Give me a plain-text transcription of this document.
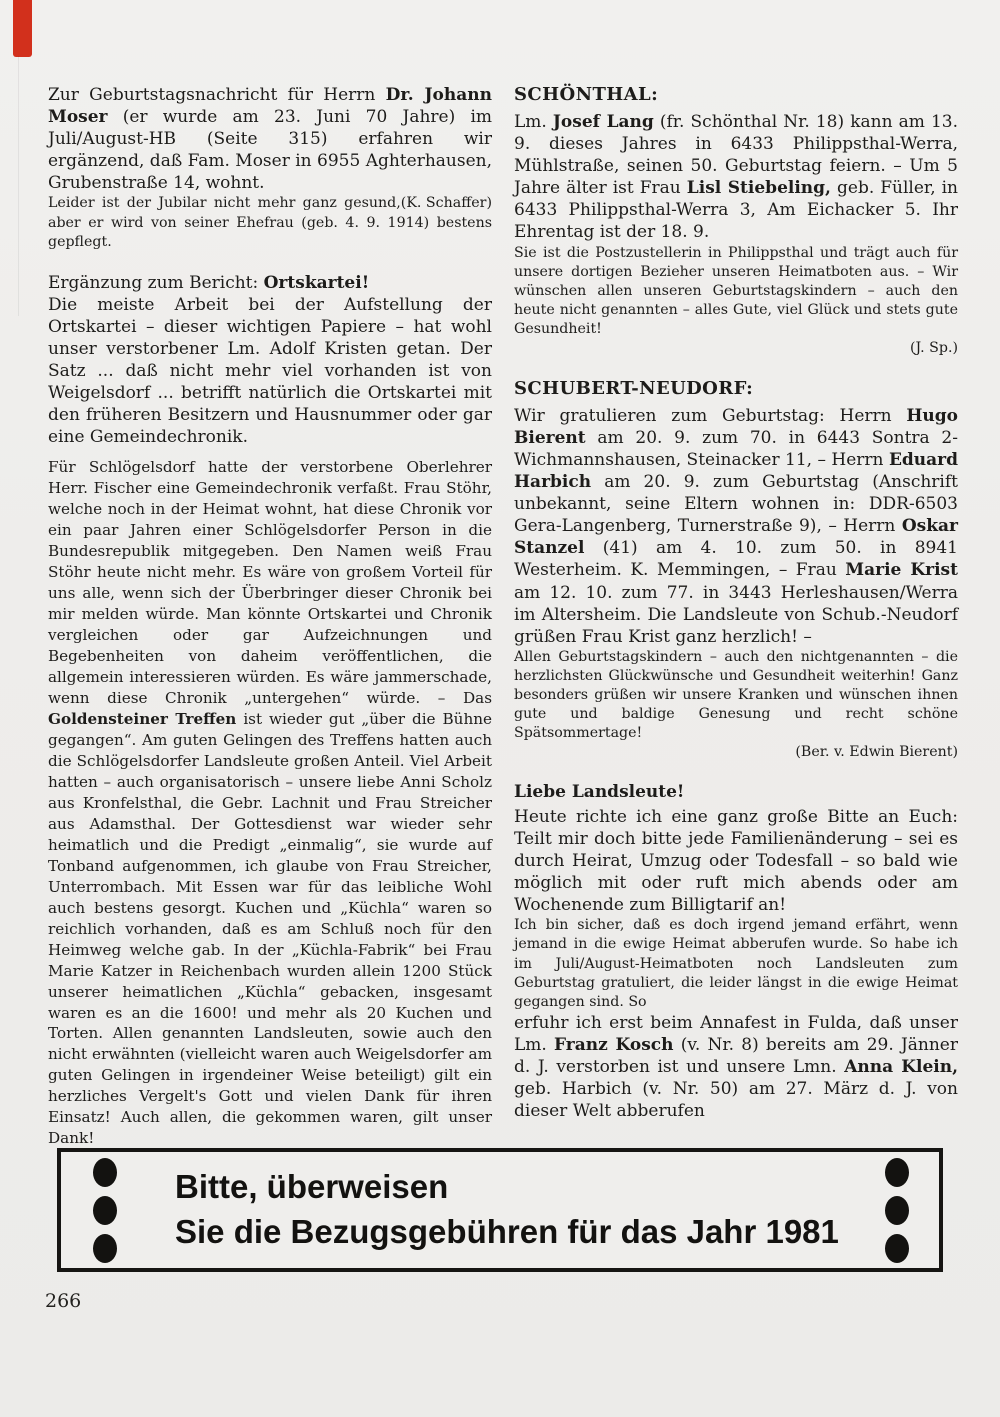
Zur Geburtstagsnachricht für Herrn Dr. Johann Moser (er wurde am 23. Juni 70 Jahre) im Juli/August-HB (Seite 315) erfahren wir ergänzend, daß Fam. Moser in 6955 Aghterhausen, Grubenstraße 14, wohnt.

(K. Schaffer)
Leider ist der Jubilar nicht mehr ganz gesund, aber er wird von seiner Ehefrau (geb. 4. 9. 1914) bestens gepflegt.

Ergänzung zum Bericht: Ortskartei!

Die meiste Arbeit bei der Aufstellung der Ortskartei – dieser wichtigen Papiere – hat wohl unser verstorbener Lm. Adolf Kristen getan. Der Satz ... daß nicht mehr viel vorhanden ist von Weigelsdorf ... betrifft natürlich die Ortskartei mit den früheren Besitzern und Hausnummer oder gar eine Gemeindechronik.

Für Schlögelsdorf hatte der verstorbene Oberlehrer Herr. Fischer eine Gemeindechronik verfaßt. Frau Stöhr, welche noch in der Heimat wohnt, hat diese Chronik vor ein paar Jahren einer Schlögelsdorfer Person in die Bundesrepublik mitgegeben. Den Namen weiß Frau Stöhr heute nicht mehr. Es wäre von großem Vorteil für uns alle, wenn sich der Überbringer dieser Chronik bei mir melden würde. Man könnte Ortskartei und Chronik vergleichen oder gar Aufzeichnungen und Begebenheiten von daheim veröffentlichen, die allgemein interessieren würden. Es wäre jammerschade, wenn diese Chronik „untergehen“ würde. – Das Goldensteiner Treffen ist wieder gut „über die Bühne gegangen“. Am guten Gelingen des Treffens hatten auch die Schlögelsdorfer Landsleute großen Anteil. Viel Arbeit hatten – auch organisatorisch – unsere liebe Anni Scholz aus Kronfelsthal, die Gebr. Lachnit und Frau Streicher aus Adamsthal. Der Gottesdienst war wieder sehr heimatlich und die Predigt „einmalig“, sie wurde auf Tonband aufgenommen, ich glaube von Frau Streicher, Unterrombach. Mit Essen war für das leibliche Wohl auch bestens gesorgt. Kuchen und „Küchla“ waren so reichlich vorhanden, daß es am Schluß noch für den Heimweg welche gab. In der „Küchla-Fabrik“ bei Frau Marie Katzer in Reichenbach wurden allein 1200 Stück unserer heimatlichen „Küchla“ gebacken, insgesamt waren es an die 1600! und mehr als 20 Kuchen und Torten. Allen genannten Landsleuten, sowie auch den nicht erwähnten (vielleicht waren auch Weigelsdorfer am guten Gelingen in irgendeiner Weise beteiligt) gilt ein herzliches Vergelt's Gott und vielen Dank für ihren Einsatz! Auch allen, die gekommen waren, gilt unser Dank!

SCHÖNTHAL:

Lm. Josef Lang (fr. Schönthal Nr. 18) kann am 13. 9. dieses Jahres in 6433 Philippsthal-Werra, Mühlstraße, seinen 50. Geburtstag feiern. – Um 5 Jahre älter ist Frau Lisl Stiebeling, geb. Füller, in 6433 Philippsthal-Werra 3, Am Eichacker 5. Ihr Ehrentag ist der 18. 9.

Sie ist die Postzustellerin in Philippsthal und trägt auch für unsere dortigen Bezieher unseren Heimatboten aus. – Wir wünschen allen unseren Geburtstagskindern – auch den heute nicht genannten – alles Gute, viel Glück und stets gute Gesundheit!

(J. Sp.)
SCHUBERT-NEUDORF:

Wir gratulieren zum Geburtstag: Herrn Hugo Bierent am 20. 9. zum 70. in 6443 Sontra 2-Wichmannshausen, Steinacker 11, – Herrn Eduard Harbich am 20. 9. zum Geburtstag (Anschrift unbekannt, seine Eltern wohnen in: DDR-6503 Gera-Langenberg, Turnerstraße 9), – Herrn Oskar Stanzel (41) am 4. 10. zum 50. in 8941 Westerheim. K. Memmingen, – Frau Marie Krist am 12. 10. zum 77. in 3443 Herleshausen/Werra im Altersheim. Die Landsleute von Schub.-Neudorf grüßen Frau Krist ganz herzlich! –

Allen Geburtstagskindern – auch den nichtgenannten – die herzlichsten Glückwünsche und Gesundheit weiterhin! Ganz besonders grüßen wir unsere Kranken und wünschen ihnen gute und baldige Genesung und recht schöne Spätsommertage!

(Ber. v. Edwin Bierent)
Liebe Landsleute!

Heute richte ich eine ganz große Bitte an Euch: Teilt mir doch bitte jede Familienänderung – sei es durch Heirat, Umzug oder Todesfall – so bald wie möglich mit oder ruft mich abends oder am Wochenende zum Billigtarif an!

Ich bin sicher, daß es doch irgend jemand erfährt, wenn jemand in die ewige Heimat abberufen wurde. So habe ich im Juli/August-Heimatboten noch Landsleuten zum Geburtstag gratuliert, die leider längst in die ewige Heimat gegangen sind. So

erfuhr ich erst beim Annafest in Fulda, daß unser Lm. Franz Kosch (v. Nr. 8) bereits am 29. Jänner d. J. verstorben ist und unsere Lmn. Anna Klein, geb. Harbich (v. Nr. 50) am 27. März d. J. von dieser Welt abberufen

Bitte, überweisen
Sie die Bezugsgebühren für das Jahr 1981
266
